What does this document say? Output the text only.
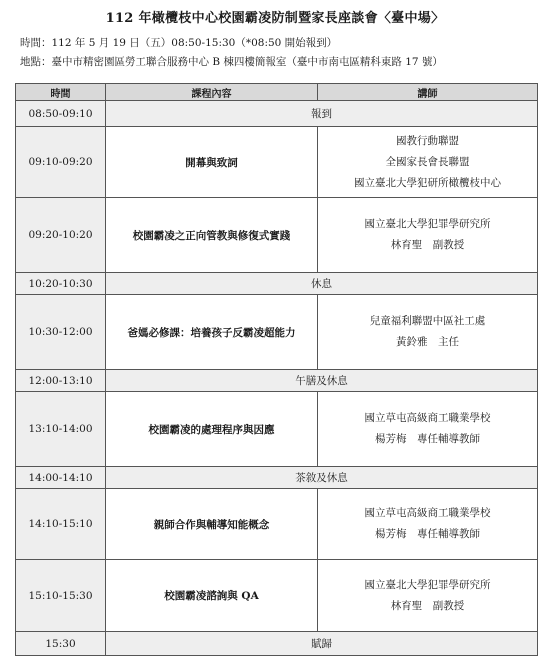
112 年橄欖枝中心校園霸凌防制暨家長座談會〈臺中場〉
時間：112 年 5 月 19 日（五）08:50-15:30（*08:50 開始報到）
地點：臺中市精密園區勞工聯合服務中心 B 棟四樓簡報室（臺中市南屯區精科東路 17 號）
時間	課程內容	講師
08:50-09:10	報到	
09:10-09:20	開幕與致詞	國教行動聯盟
全國家長會長聯盟
國立臺北大學犯研所橄欖枝中心

09:20-10:20	校園霸凌之正向管教與修復式實踐	國立臺北大學犯罪學研究所
林育聖　副教授

10:20-10:30	休息	
10:30-12:00	爸媽必修課：培養孩子反霸凌超能力	兒童福利聯盟中區社工處
黃鈴雅　主任

12:00-13:10	午膳及休息	
13:10-14:00	校園霸凌的處理程序與因應	國立草屯高級商工職業學校
楊芳梅　專任輔導教師

14:00-14:10	茶敘及休息	
14:10-15:10	親師合作與輔導知能概念	國立草屯高級商工職業學校
楊芳梅　專任輔導教師

15:10-15:30	校園霸凌諮詢與 QA	國立臺北大學犯罪學研究所
林育聖　副教授

15:30	賦歸	
